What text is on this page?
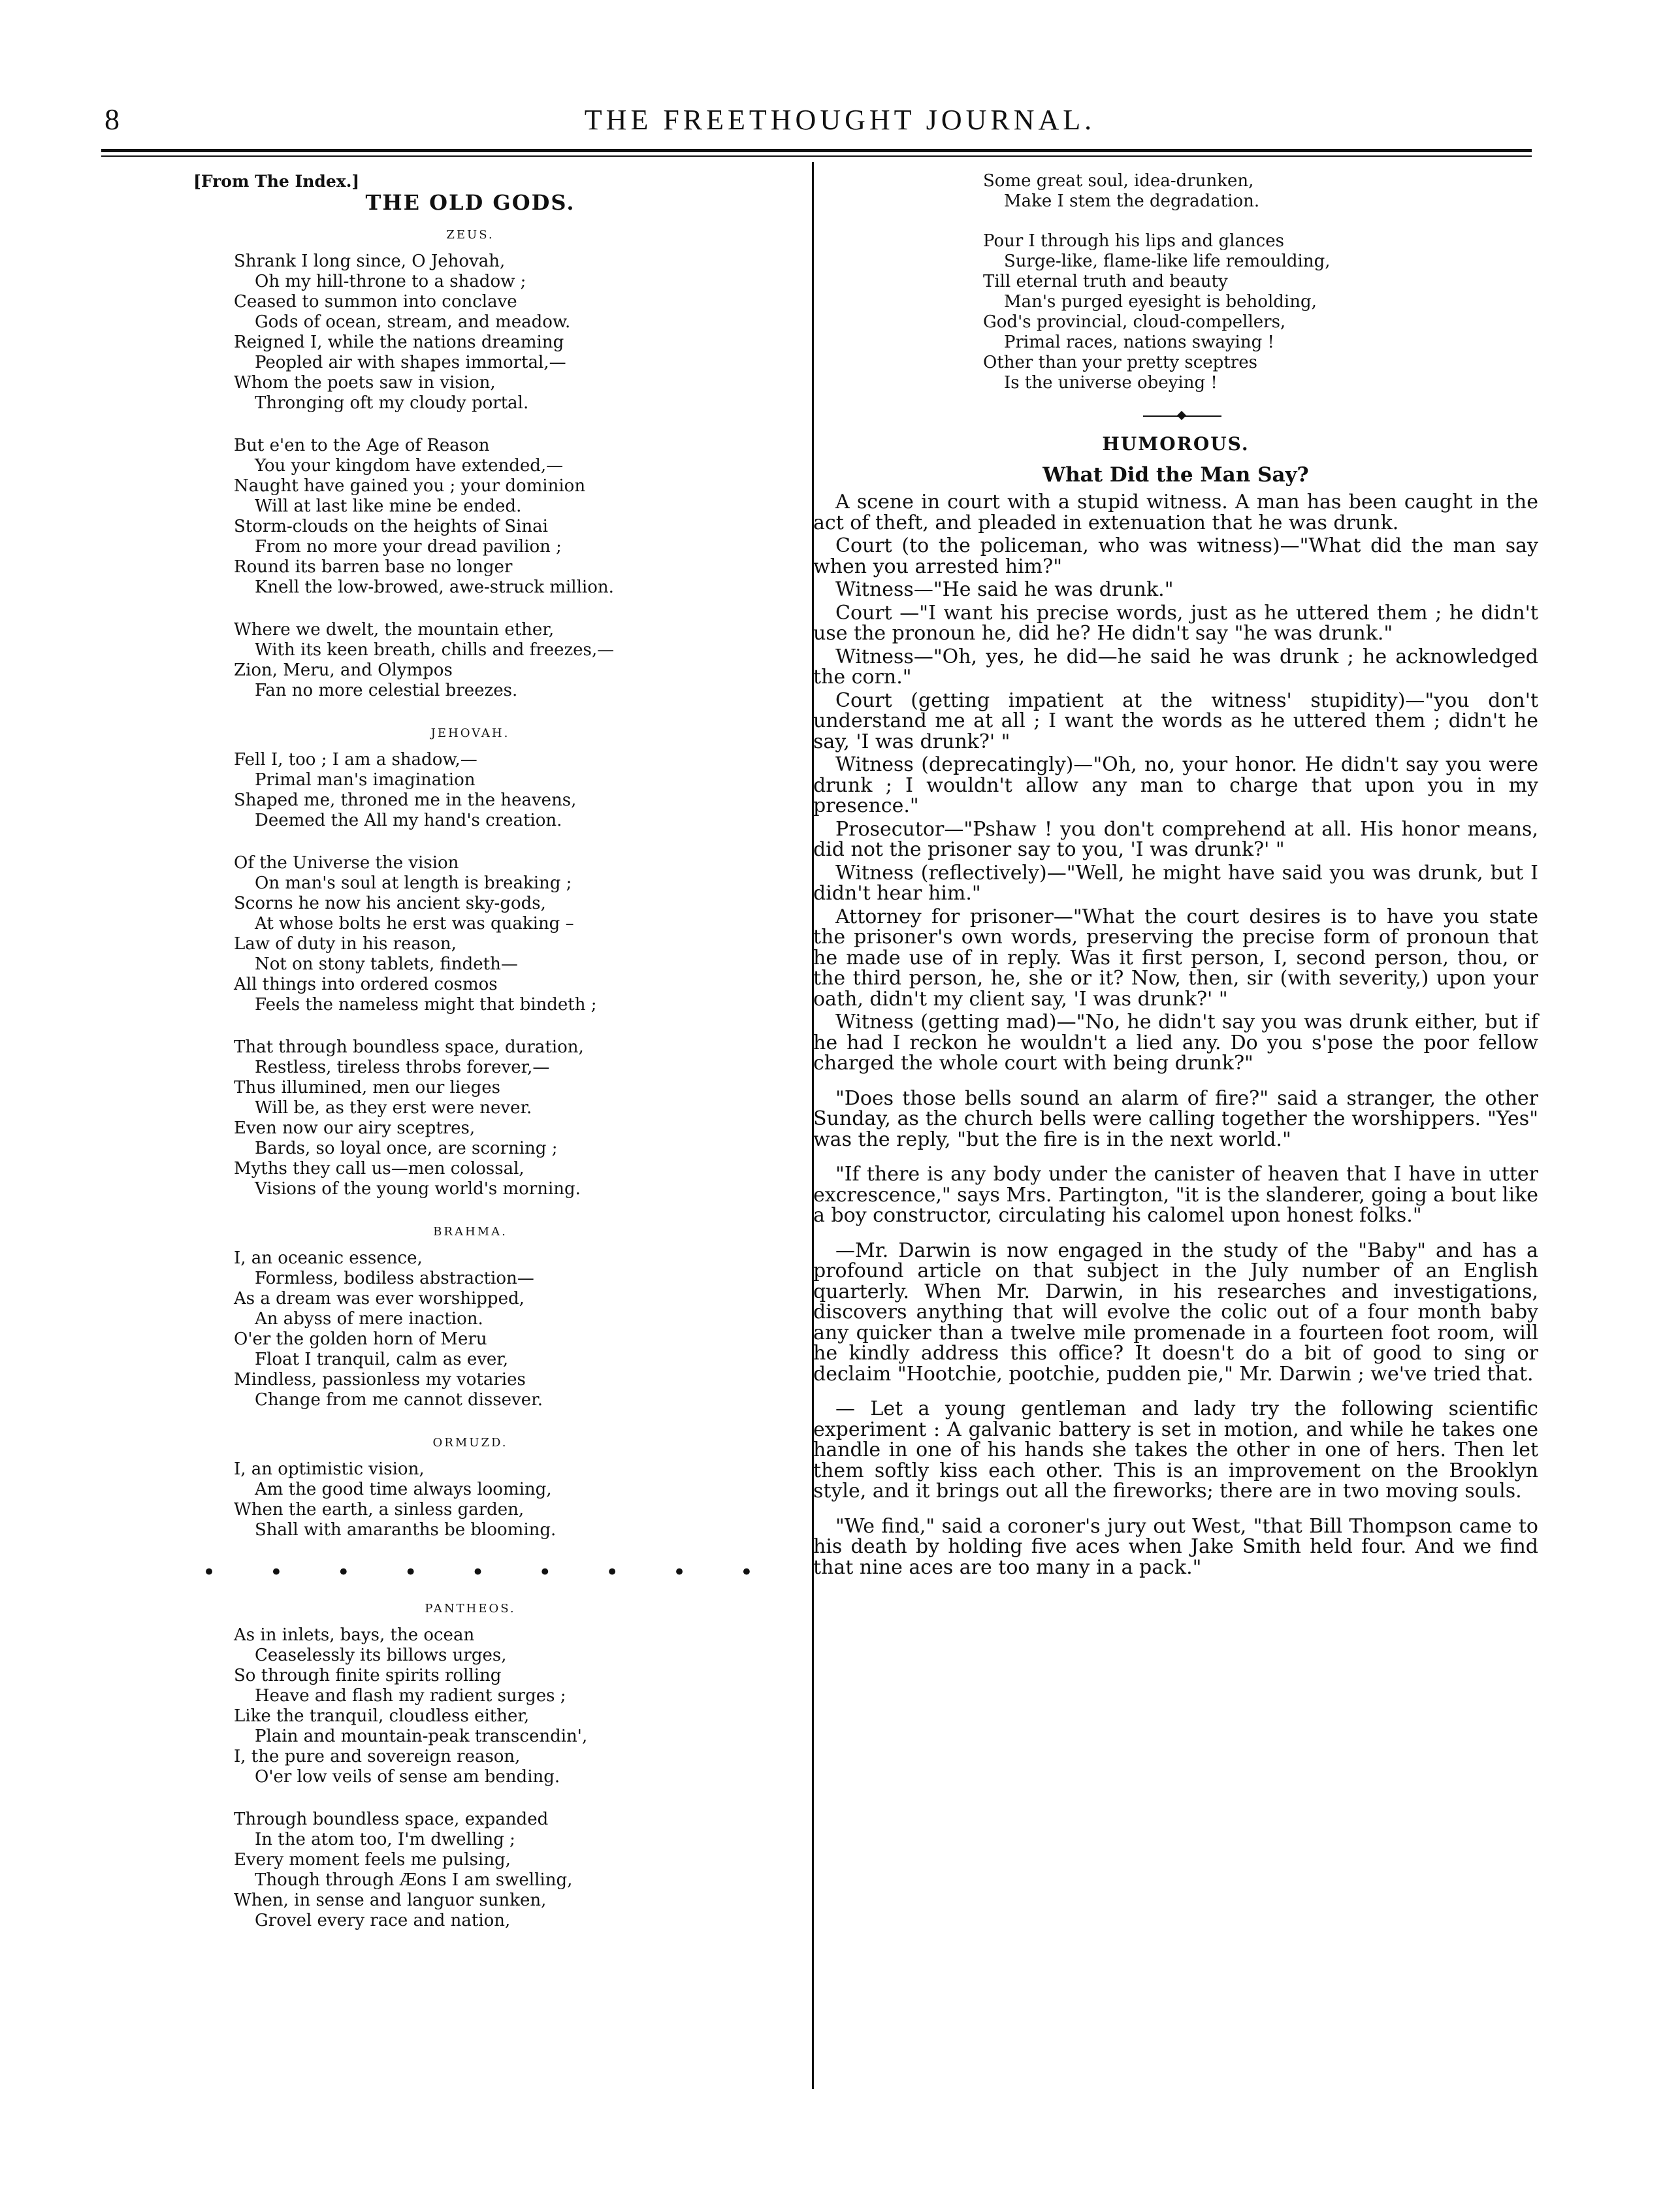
8	THE FREETHOUGHT JOURNAL.
[From The Index.]
THE OLD GODS.
ZEUS.
Shrank I long since, O Jehovah,
Oh my hill-throne to a shadow ;
Ceased to summon into conclave
Gods of ocean, stream, and meadow.
Reigned I, while the nations dreaming
Peopled air with shapes immortal,—
Whom the poets saw in vision,
Thronging oft my cloudy portal.
But e'en to the Age of Reason
You your kingdom have extended,—
Naught have gained you ; your dominion
Will at last like mine be ended.
Storm-clouds on the heights of Sinai
From no more your dread pavilion ;
Round its barren base no longer
Knell the low-browed, awe-struck million.
Where we dwelt, the mountain ether,
With its keen breath, chills and freezes,—
Zion, Meru, and Olympos
Fan no more celestial breezes.
JEHOVAH.
Fell I, too ; I am a shadow,—
Primal man's imagination
Shaped me, throned me in the heavens,
Deemed the All my hand's creation.
Of the Universe the vision
On man's soul at length is breaking ;
Scorns he now his ancient sky-gods,
At whose bolts he erst was quaking –
Law of duty in his reason,
Not on stony tablets, findeth—
All things into ordered cosmos
Feels the nameless might that bindeth ;
That through boundless space, duration,
Restless, tireless throbs forever,—
Thus illumined, men our lieges
Will be, as they erst were never.
Even now our airy sceptres,
Bards, so loyal once, are scorning ;
Myths they call us—men colossal,
Visions of the young world's morning.
BRAHMA.
I, an oceanic essence,
Formless, bodiless abstraction—
As a dream was ever worshipped,
An abyss of mere inaction.
O'er the golden horn of Meru
Float I tranquil, calm as ever,
Mindless, passionless my votaries
Change from me cannot dissever.
ORMUZD.
I, an optimistic vision,
Am the good time always looming,
When the earth, a sinless garden,
Shall with amaranths be blooming.
• • • • • • • • •
PANTHEOS.
As in inlets, bays, the ocean
Ceaselessly its billows urges,
So through finite spirits rolling
Heave and flash my radient surges ;
Like the tranquil, cloudless either,
Plain and mountain-peak transcendin',
I, the pure and sovereign reason,
O'er low veils of sense am bending.
Through boundless space, expanded
In the atom too, I'm dwelling ;
Every moment feels me pulsing,
Though through Æons I am swelling,
When, in sense and languor sunken,
Grovel every race and nation,
Some great soul, idea-drunken,
Make I stem the degradation.
Pour I through his lips and glances
Surge-like, flame-like life remoulding,
Till eternal truth and beauty
Man's purged eyesight is beholding,
God's provincial, cloud-compellers,
Primal races, nations swaying !
Other than your pretty sceptres
Is the universe obeying !
HUMOROUS.
What Did the Man Say?
A scene in court with a stupid witness. A man has been caught in the act of theft, and pleaded in extenuation that he was drunk.
Court (to the policeman, who was witness)—"What did the man say when you arrested him?"
Witness—"He said he was drunk."
Court —"I want his precise words, just as he uttered them ; he didn't use the pronoun he, did he? He didn't say "he was drunk."
Witness—"Oh, yes, he did—he said he was drunk ; he acknowledged the corn."
Court (getting impatient at the witness' stupidity)—"you don't understand me at all ; I want the words as he uttered them ; didn't he say, 'I was drunk?' "
Witness (deprecatingly)—"Oh, no, your honor. He didn't say you were drunk ; I wouldn't allow any man to charge that upon you in my presence."
Prosecutor—"Pshaw ! you don't comprehend at all. His honor means, did not the prisoner say to you, 'I was drunk?' "
Witness (reflectively)—"Well, he might have said you was drunk, but I didn't hear him."
Attorney for prisoner—"What the court desires is to have you state the prisoner's own words, preserving the precise form of pronoun that he made use of in reply. Was it first person, I, second person, thou, or the third person, he, she or it? Now, then, sir (with severity,) upon your oath, didn't my client say, 'I was drunk?' "
Witness (getting mad)—"No, he didn't say you was drunk either, but if he had I reckon he wouldn't a lied any. Do you s'pose the poor fellow charged the whole court with being drunk?"
"Does those bells sound an alarm of fire?" said a stranger, the other Sunday, as the church bells were calling together the worshippers. "Yes" was the reply, "but the fire is in the next world."
"If there is any body under the canister of heaven that I have in utter excrescence," says Mrs. Partington, "it is the slanderer, going a bout like a boy constructor, circulating his calomel upon honest folks."
—Mr. Darwin is now engaged in the study of the "Baby" and has a profound article on that subject in the July number of an English quarterly. When Mr. Darwin, in his researches and investigations, discovers anything that will evolve the colic out of a four month baby any quicker than a twelve mile promenade in a fourteen foot room, will he kindly address this office? It doesn't do a bit of good to sing or declaim "Hootchie, pootchie, pudden pie," Mr. Darwin ; we've tried that.
— Let a young gentleman and lady try the following scientific experiment : A galvanic battery is set in motion, and while he takes one handle in one of his hands she takes the other in one of hers. Then let them softly kiss each other. This is an improvement on the Brooklyn style, and it brings out all the fireworks; there are in two moving souls.
"We find," said a coroner's jury out West, "that Bill Thompson came to his death by holding five aces when Jake Smith held four. And we find that nine aces are too many in a pack."
